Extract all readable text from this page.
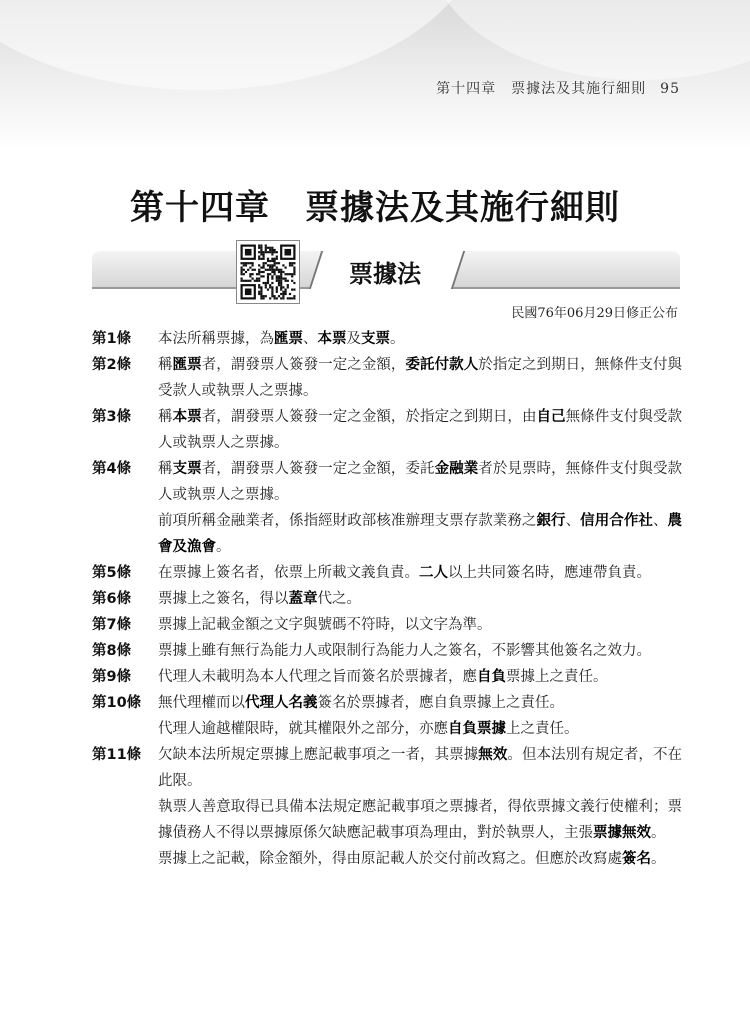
第十四章　票據法及其施行細則 95
第十四章　票據法及其施行細則
票據法
民國76年06月29日修正公布
第1條	本法所稱票據，為匯票、本票及支票。

第2條	稱匯票者，謂發票人簽發一定之金額，委託付款人於指定之到期日，無條件支付與受款人或執票人之票據。

第3條	稱本票者，謂發票人簽發一定之金額，於指定之到期日，由自己無條件支付與受款人或執票人之票據。

第4條	稱支票者，謂發票人簽發一定之金額，委託金融業者於見票時，無條件支付與受款人或執票人之票據。

前項所稱金融業者，係指經財政部核准辦理支票存款業務之銀行、信用合作社、農會及漁會。

第5條	在票據上簽名者，依票上所載文義負責。二人以上共同簽名時，應連帶負責。

第6條	票據上之簽名，得以蓋章代之。

第7條	票據上記載金額之文字與號碼不符時，以文字為準。

第8條	票據上雖有無行為能力人或限制行為能力人之簽名，不影響其他簽名之效力。

第9條	代理人未載明為本人代理之旨而簽名於票據者，應自負票據上之責任。

第10條	無代理權而以代理人名義簽名於票據者，應自負票據上之責任。

代理人逾越權限時，就其權限外之部分，亦應自負票據上之責任。

第11條	欠缺本法所規定票據上應記載事項之一者，其票據無效。但本法別有規定者，不在此限。

執票人善意取得已具備本法規定應記載事項之票據者，得依票據文義行使權利；票據債務人不得以票據原係欠缺應記載事項為理由，對於執票人，主張票據無效。

票據上之記載，除金額外，得由原記載人於交付前改寫之。但應於改寫處簽名。
